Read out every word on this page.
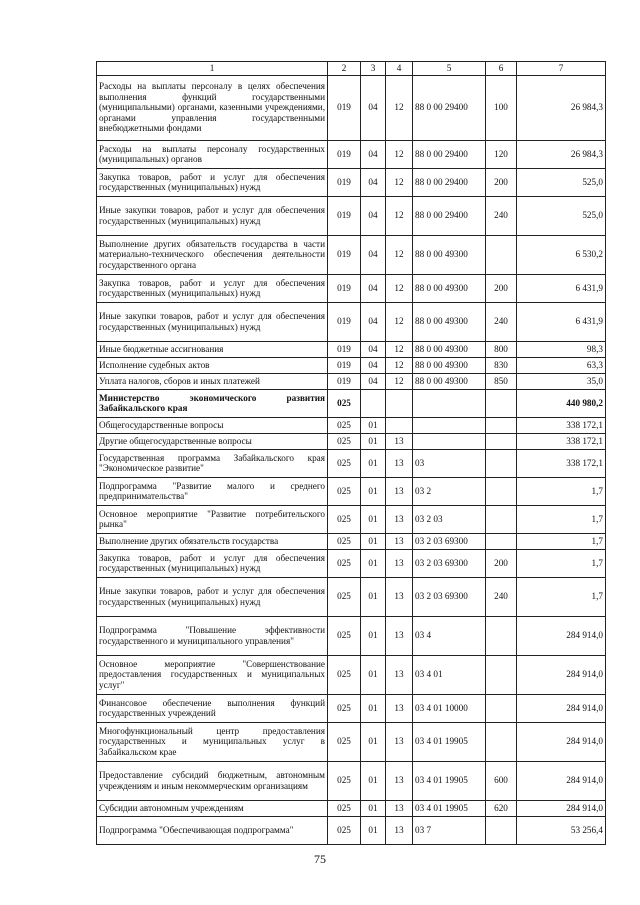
1	2	3	4	5	6	7
Расходы на выплаты персоналу в целях обеспечения выполнения функций государственными (муниципальными) органами, казенными учреждениями, органами управления государственными внебюджетными фондами	019	04	12	88 0 00 29400	100	26 984,3
Расходы на выплаты персоналу государственных (муниципальных) органов	019	04	12	88 0 00 29400	120	26 984,3
Закупка товаров, работ и услуг для обеспечения государственных (муниципальных) нужд	019	04	12	88 0 00 29400	200	525,0
Иные закупки товаров, работ и услуг для обеспечения государственных (муниципальных) нужд	019	04	12	88 0 00 29400	240	525,0
Выполнение других обязательств государства в части материально-технического обеспечения деятельности государственного органа	019	04	12	88 0 00 49300		6 530,2
Закупка товаров, работ и услуг для обеспечения государственных (муниципальных) нужд	019	04	12	88 0 00 49300	200	6 431,9
Иные закупки товаров, работ и услуг для обеспечения государственных (муниципальных) нужд	019	04	12	88 0 00 49300	240	6 431,9
Иные бюджетные ассигнования	019	04	12	88 0 00 49300	800	98,3
Исполнение судебных актов	019	04	12	88 0 00 49300	830	63,3
Уплата налогов, сборов и иных платежей	019	04	12	88 0 00 49300	850	35,0
Министерство экономического развития Забайкальского края	025					440 980,2
Общегосударственные вопросы	025	01				338 172,1
Другие общегосударственные вопросы	025	01	13			338 172,1
Государственная программа Забайкальского края "Экономическое развитие"	025	01	13	03		338 172,1
Подпрограмма "Развитие малого и среднего предпринимательства"	025	01	13	03 2		1,7
Основное мероприятие "Развитие потребительского рынка"	025	01	13	03 2 03		1,7
Выполнение других обязательств государства	025	01	13	03 2 03 69300		1,7
Закупка товаров, работ и услуг для обеспечения государственных (муниципальных) нужд	025	01	13	03 2 03 69300	200	1,7
Иные закупки товаров, работ и услуг для обеспечения государственных (муниципальных) нужд	025	01	13	03 2 03 69300	240	1,7
Подпрограмма "Повышение эффективности государственного и муниципального управления"	025	01	13	03 4		284 914,0
Основное мероприятие "Совершенствование предоставления государственных и муниципальных услуг"	025	01	13	03 4 01		284 914,0
Финансовое обеспечение выполнения функций государственных учреждений	025	01	13	03 4 01 10000		284 914,0
Многофункциональный центр предоставления государственных и муниципальных услуг в Забайкальском крае	025	01	13	03 4 01 19905		284 914,0
Предоставление субсидий бюджетным, автономным учреждениям и иным некоммерческим организациям	025	01	13	03 4 01 19905	600	284 914,0
Субсидии автономным учреждениям	025	01	13	03 4 01 19905	620	284 914,0
Подпрограмма "Обеспечивающая подпрограмма"	025	01	13	03 7		53 256,4
75
